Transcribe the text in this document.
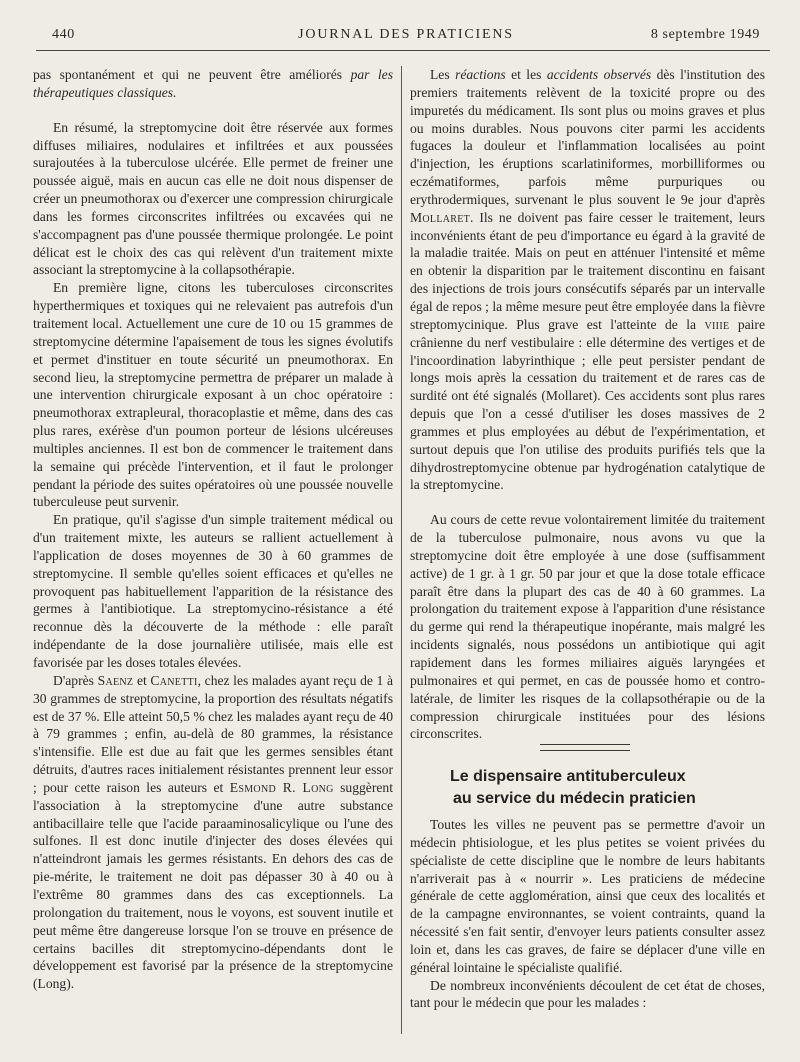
440	JOURNAL DES PRATICIENS	8 septembre 1949

pas spontanément et qui ne peuvent être améliorés par les thérapeutiques classiques.

En résumé, la streptomycine doit être réservée aux formes diffuses miliaires, nodulaires et infiltrées et aux poussées surajoutées à la tuberculose ulcérée. Elle permet de freiner une poussée aiguë, mais en aucun cas elle ne doit nous dispenser de créer un pneumothorax ou d'exercer une compression chirurgicale dans les formes circonscrites infiltrées ou excavées qui ne s'accompagnent pas d'une poussée thermique prolongée. Le point délicat est le choix des cas qui relèvent d'un traitement mixte associant la streptomycine à la collapsothérapie.

En première ligne, citons les tuberculoses circonscrites hyperthermiques et toxiques qui ne relevaient pas autrefois d'un traitement local. Actuellement une cure de 10 ou 15 grammes de streptomycine détermine l'apaisement de tous les signes évolutifs et permet d'instituer en toute sécurité un pneumothorax. En second lieu, la streptomycine permettra de préparer un malade à une intervention chirurgicale exposant à un choc opératoire : pneumothorax extrapleural, thoracoplastie et même, dans des cas plus rares, exérèse d'un poumon porteur de lésions ulcéreuses multiples anciennes. Il est bon de commencer le traitement dans la semaine qui précède l'intervention, et il faut le prolonger pendant la période des suites opératoires où une poussée nouvelle tuberculeuse peut survenir.

En pratique, qu'il s'agisse d'un simple traitement médical ou d'un traitement mixte, les auteurs se rallient actuellement à l'application de doses moyennes de 30 à 60 grammes de streptomycine. Il semble qu'elles soient efficaces et qu'elles ne provoquent pas habituellement l'apparition de la résistance des germes à l'antibiotique. La streptomycino-résistance a été reconnue dès la découverte de la méthode : elle paraît indépendante de la dose journalière utilisée, mais elle est favorisée par les doses totales élevées.

D'après Saenz et Canetti, chez les malades ayant reçu de 1 à 30 grammes de streptomycine, la proportion des résultats négatifs est de 37 %. Elle atteint 50,5 % chez les malades ayant reçu de 40 à 79 grammes ; enfin, au-delà de 80 grammes, la résistance s'intensifie. Elle est due au fait que les germes sensibles étant détruits, d'autres races initialement résistantes prennent leur essor ; pour cette raison les auteurs et Esmond R. Long suggèrent l'association à la streptomycine d'une autre substance antibacillaire telle que l'acide paraaminosalicylique ou l'une des sulfones. Il est donc inutile d'injecter des doses élevées qui n'atteindront jamais les germes résistants. En dehors des cas de pie-mérite, le traitement ne doit pas dépasser 30 à 40 ou à l'extrême 80 grammes dans des cas exceptionnels. La prolongation du traitement, nous le voyons, est souvent inutile et peut même être dangereuse lorsque l'on se trouve en présence de certains bacilles dit streptomycino-dépendants dont le développement est favorisé par la présence de la streptomycine (Long).

Les réactions et les accidents observés dès l'institution des premiers traitements relèvent de la toxicité propre ou des impuretés du médicament. Ils sont plus ou moins graves et plus ou moins durables. Nous pouvons citer parmi les accidents fugaces la douleur et l'inflammation localisées au point d'injection, les éruptions scarlatiniformes, morbilliformes ou eczématiformes, parfois même purpuriques ou erythrodermiques, survenant le plus souvent le 9e jour d'après Mollaret. Ils ne doivent pas faire cesser le traitement, leurs inconvénients étant de peu d'importance eu égard à la gravité de la maladie traitée. Mais on peut en atténuer l'intensité et même en obtenir la disparition par le traitement discontinu en faisant des injections de trois jours consécutifs séparés par un intervalle égal de repos ; la même mesure peut être employée dans la fièvre streptomycinique. Plus grave est l'atteinte de la viiie paire crânienne du nerf vestibulaire : elle détermine des vertiges et de l'incoordination labyrinthique ; elle peut persister pendant de longs mois après la cessation du traitement et de rares cas de surdité ont été signalés (Mollaret). Ces accidents sont plus rares depuis que l'on a cessé d'utiliser les doses massives de 2 grammes et plus employées au début de l'expérimentation, et surtout depuis que l'on utilise des produits purifiés tels que la dihydrostreptomycine obtenue par hydrogénation catalytique de la streptomycine.

Au cours de cette revue volontairement limitée du traitement de la tuberculose pulmonaire, nous avons vu que la streptomycine doit être employée à une dose (suffisamment active) de 1 gr. à 1 gr. 50 par jour et que la dose totale efficace paraît être dans la plupart des cas de 40 à 60 grammes. La prolongation du traitement expose à l'apparition d'une résistance du germe qui rend la thérapeutique inopérante, mais malgré les incidents signalés, nous possédons un antibiotique qui agit rapidement dans les formes miliaires aiguës laryngées et pulmonaires et qui permet, en cas de poussée homo et contro-latérale, de limiter les risques de la collapsothérapie ou de la compression chirurgicale instituées pour des lésions circonscrites.

Le dispensaire antituberculeux
au service du médecin praticien

Toutes les villes ne peuvent pas se permettre d'avoir un médecin phtisiologue, et les plus petites se voient privées du spécialiste de cette discipline que le nombre de leurs habitants n'arriverait pas à « nourrir ». Les praticiens de médecine générale de cette agglomération, ainsi que ceux des localités et de la campagne environnantes, se voient contraints, quand la nécessité s'en fait sentir, d'envoyer leurs patients consulter assez loin et, dans les cas graves, de faire se déplacer d'une ville en général lointaine le spécialiste qualifié.

De nombreux inconvénients découlent de cet état de choses, tant pour le médecin que pour les malades :
